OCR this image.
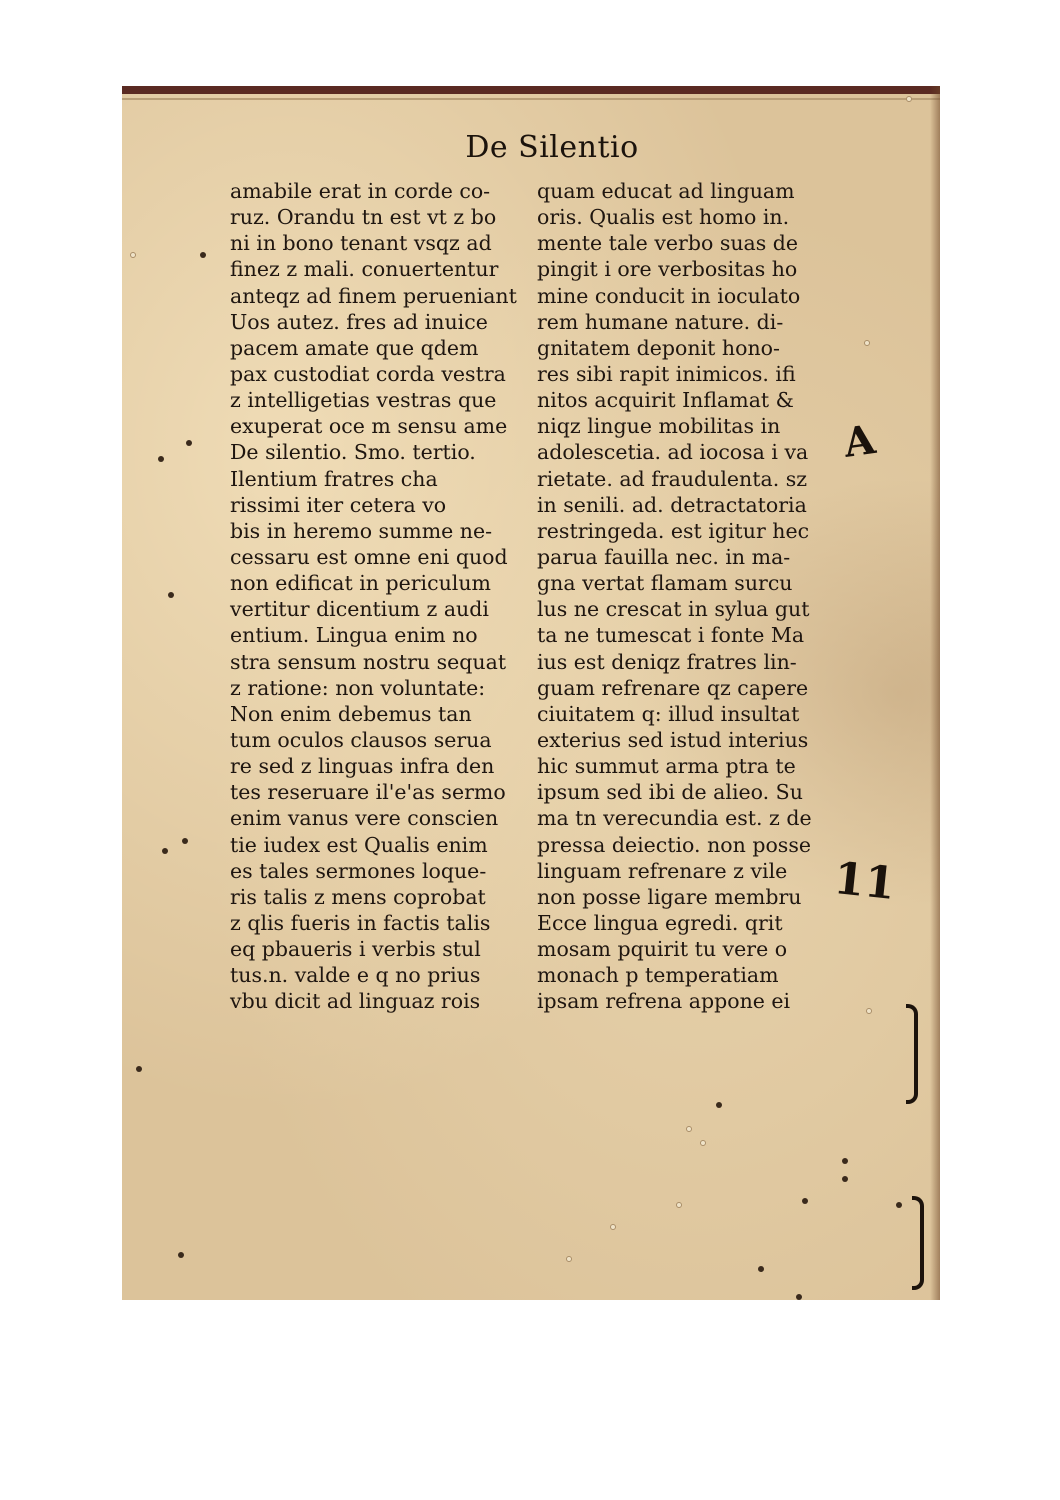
De Silentio
amabile erat in corde co-
ruz. Orandu tn est vt z bo
ni in bono tenant vsqz ad
finez z mali. conuertentur
anteqz ad finem perueniant
Uos autez. fres ad inuice
pacem amate que qdem
pax custodiat corda vestra
z intelligetias vestras que
exuperat oce m sensu ame
De silentio. Smo. tertio.
Ilentium fratres cha
rissimi iter cetera vo
bis in heremo summe ne-
cessaru est omne eni quod
non edificat in periculum
vertitur dicentium z audi
entium. Lingua enim no
stra sensum nostru sequat
z ratione: non voluntate:
Non enim debemus tan
tum oculos clausos serua
re sed z linguas infra den
tes reseruare il'e'as sermo
enim vanus vere conscien
tie iudex est Qualis enim
es tales sermones loque-
ris talis z mens coprobat
z qlis fueris in factis talis
eq pbaueris i verbis stul
tus.n. valde e q no prius
vbu dicit ad linguaz rois
quam educat ad linguam
oris. Qualis est homo in.
mente tale verbo suas de
pingit i ore verbositas ho
mine conducit in ioculato
rem humane nature. di-
gnitatem deponit hono-
res sibi rapit inimicos. ifi
nitos acquirit Inflamat &
niqz lingue mobilitas in
adolescetia. ad iocosa i va
rietate. ad fraudulenta. sz
in senili. ad. detractatoria
restringeda. est igitur hec
parua fauilla nec. in ma-
gna vertat flamam surcu
lus ne crescat in sylua gut
ta ne tumescat i fonte Ma
ius est deniqz fratres lin-
guam refrenare qz capere
ciuitatem q: illud insultat
exterius sed istud interius
hic summut arma ptra te
ipsum sed ibi de alieo. Su
ma tn verecundia est. z de
pressa deiectio. non posse
linguam refrenare z vile
non posse ligare membru
Ecce lingua egredi. qrit
mosam pquirit tu vere o
monach p temperatiam
ipsam refrena appone ei
A
11
